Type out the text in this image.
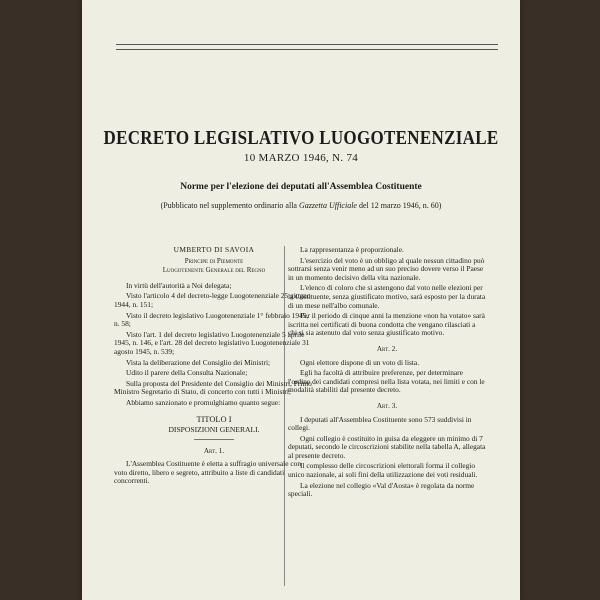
DECRETO LEGISLATIVO LUOGOTENENZIALE
10 MARZO 1946, N. 74
Norme per l'elezione dei deputati all'Assemblea Costituente
(Pubblicato nel supplemento ordinario alla Gazzetta Ufficiale del 12 marzo 1946, n. 60)

UMBERTO DI SAVOIA

Principe di Piemonte

Luogotenente Generale del Regno

In virtù dell'autorità a Noi delegata;

Visto l'articolo 4 del decreto-legge Luogotenenziale 25 giugno 1944, n. 151;

Visto il decreto legislativo Luogotenenziale 1° febbraio 1945, n. 58;

Visto l'art. 1 del decreto legislativo Luogotenenziale 5 aprile 1945, n. 146, e l'art. 28 del decreto legislativo Luogotenenziale 31 agosto 1945, n. 539;

Vista la deliberazione del Consiglio dei Ministri;

Udito il parere della Consulta Nazionale;

Sulla proposta del Presidente del Consiglio dei Ministri, Primo Ministro Segretario di Stato, di concerto con tutti i Ministri;

Abbiamo sanzionato e promulghiamo quanto segue:

TITOLO I
DISPOSIZIONI GENERALI.
Art. 1.

L'Assemblea Costituente è eletta a suffragio universale con voto diretto, libero e segreto, attribuito a liste di candidati concorrenti.

La rappresentanza è proporzionale.

L'esercizio del voto è un obbligo al quale nessun cittadino può sottrarsi senza venir meno ad un suo preciso dovere verso il Paese in un momento decisivo della vita nazionale.

L'elenco di coloro che si astengono dal voto nelle elezioni per la Costituente, senza giustificato motivo, sarà esposto per la durata di un mese nell'albo comunale.

Per il periodo di cinque anni la menzione «non ha votato» sarà iscritta nei certificati di buona condotta che vengano rilasciati a chi si sia astenuto dal voto senza giustificato motivo.

Art. 2.

Ogni elettore dispone di un voto di lista.

Egli ha facoltà di attribuire preferenze, per determinare l'ordine dei candidati compresi nella lista votata, nei limiti e con le modalità stabiliti dal presente decreto.

Art. 3.

I deputati all'Assemblea Costituente sono 573 suddivisi in collegi.

Ogni collegio è costituito in guisa da eleggere un minimo di 7 deputati, secondo le circoscrizioni stabilite nella tabella A, allegata al presente decreto.

Il complesso delle circoscrizioni elettorali forma il collegio unico nazionale, ai soli fini della utilizzazione dei voti residuali.

La elezione nel collegio «Val d'Aosta» è regolata da norme speciali.
